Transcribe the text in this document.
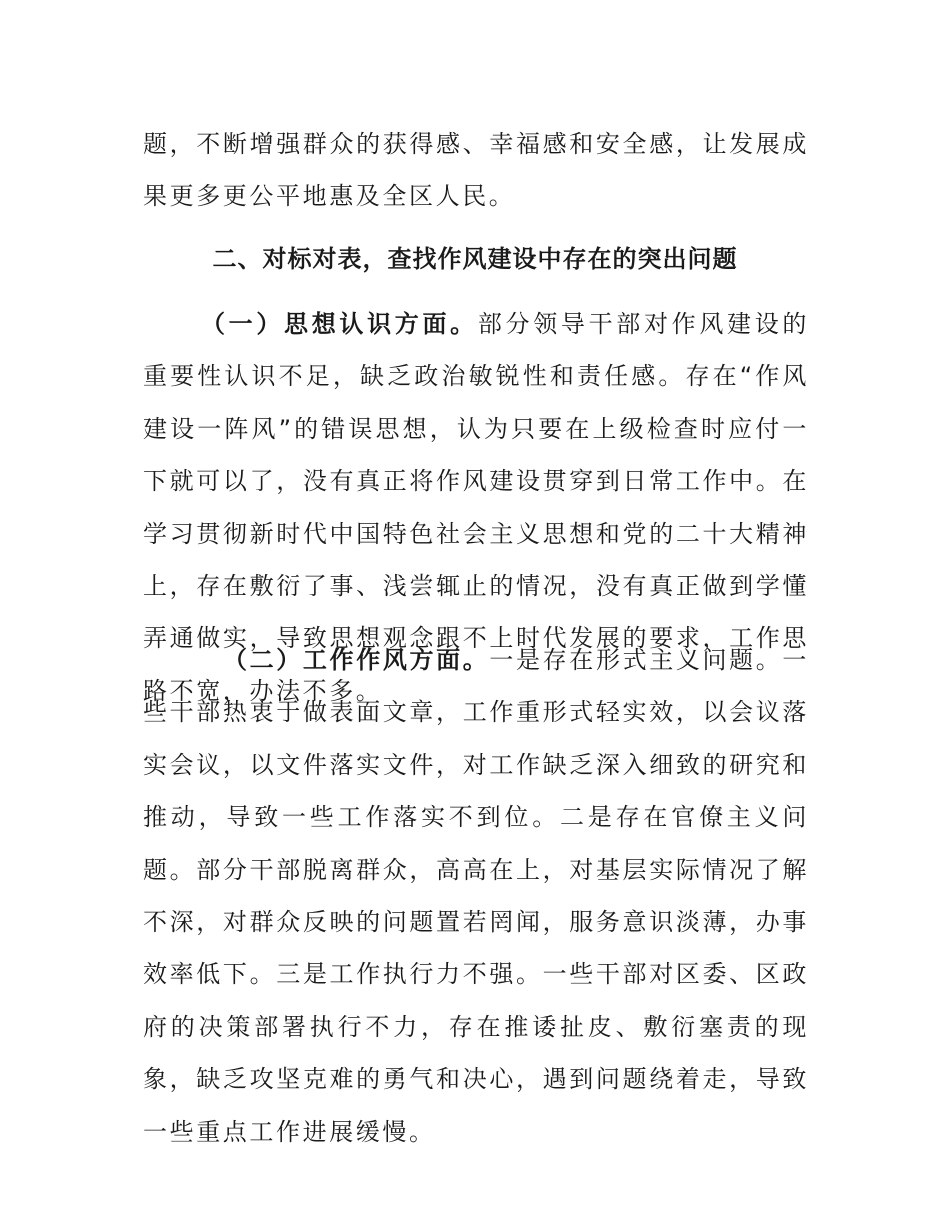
题，不断增强群众的获得感、幸福感和安全感，让发展成果更多更公平地惠及全区人民。

二、对标对表，查找作风建设中存在的突出问题

（一）思想认识方面。部分领导干部对作风建设的重要性认识不足，缺乏政治敏锐性和责任感。存在“作风建设一阵风”的错误思想，认为只要在上级检查时应付一下就可以了，没有真正将作风建设贯穿到日常工作中。在学习贯彻新时代中国特色社会主义思想和党的二十大精神上，存在敷衍了事、浅尝辄止的情况，没有真正做到学懂弄通做实，导致思想观念跟不上时代发展的要求，工作思路不宽，办法不多。

（二）工作作风方面。一是存在形式主义问题。一些干部热衷于做表面文章，工作重形式轻实效，以会议落实会议，以文件落实文件，对工作缺乏深入细致的研究和推动，导致一些工作落实不到位。二是存在官僚主义问题。部分干部脱离群众，高高在上，对基层实际情况了解不深，对群众反映的问题置若罔闻，服务意识淡薄，办事效率低下。三是工作执行力不强。一些干部对区委、区政府的决策部署执行不力，存在推诿扯皮、敷衍塞责的现象，缺乏攻坚克难的勇气和决心，遇到问题绕着走，导致一些重点工作进展缓慢。
